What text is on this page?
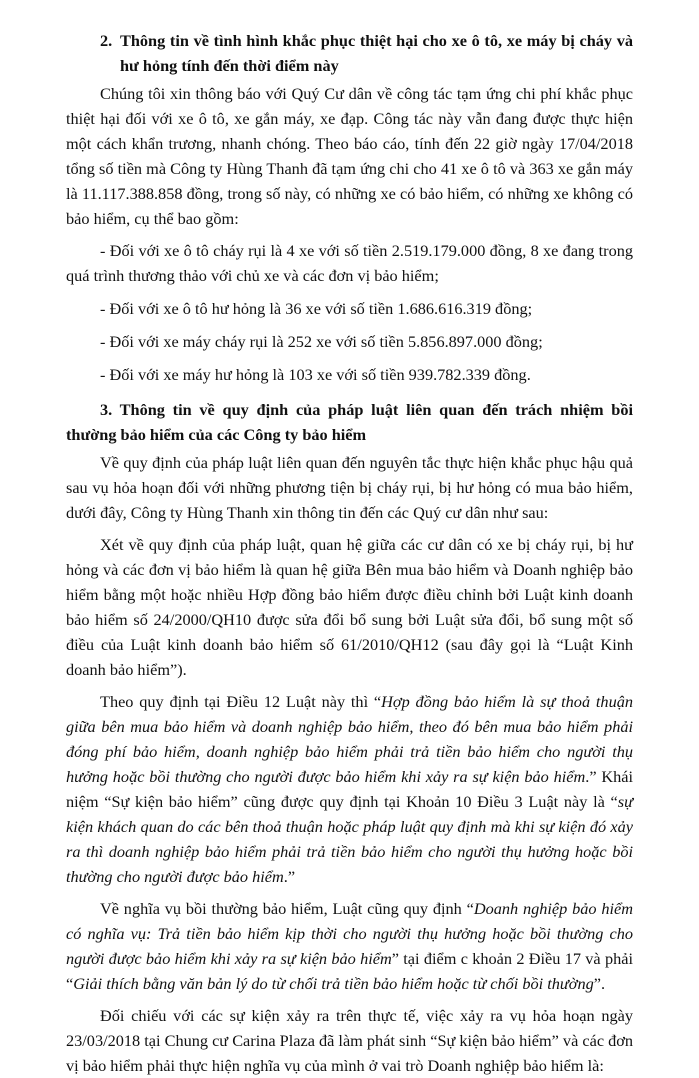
2. Thông tin về tình hình khắc phục thiệt hại cho xe ô tô, xe máy bị cháy và hư hỏng tính đến thời điểm này

Chúng tôi xin thông báo với Quý Cư dân về công tác tạm ứng chi phí khắc phục thiệt hại đối với xe ô tô, xe gắn máy, xe đạp. Công tác này vẫn đang được thực hiện một cách khẩn trương, nhanh chóng. Theo báo cáo, tính đến 22 giờ ngày 17/04/2018 tổng số tiền mà Công ty Hùng Thanh đã tạm ứng chi cho 41 xe ô tô và 363 xe gắn máy là 11.117.388.858 đồng, trong số này, có những xe có bảo hiểm, có những xe không có bảo hiểm, cụ thể bao gồm:

- Đối với xe ô tô cháy rụi là 4 xe với số tiền 2.519.179.000 đồng, 8 xe đang trong quá trình thương thảo với chủ xe và các đơn vị bảo hiểm;

- Đối với xe ô tô hư hỏng là 36 xe với số tiền 1.686.616.319 đồng;

- Đối với xe máy cháy rụi là 252 xe với số tiền 5.856.897.000 đồng;

- Đối với xe máy hư hỏng là 103 xe với số tiền 939.782.339 đồng.

3. Thông tin về quy định của pháp luật liên quan đến trách nhiệm bồi thường bảo hiểm của các Công ty bảo hiểm

Về quy định của pháp luật liên quan đến nguyên tắc thực hiện khắc phục hậu quả sau vụ hỏa hoạn đối với những phương tiện bị cháy rụi, bị hư hỏng có mua bảo hiểm, dưới đây, Công ty Hùng Thanh xin thông tin đến các Quý cư dân như sau:

Xét về quy định của pháp luật, quan hệ giữa các cư dân có xe bị cháy rụi, bị hư hỏng và các đơn vị bảo hiểm là quan hệ giữa Bên mua bảo hiểm và Doanh nghiệp bảo hiểm bằng một hoặc nhiều Hợp đồng bảo hiểm được điều chỉnh bởi Luật kinh doanh bảo hiểm số 24/2000/QH10 được sửa đổi bổ sung bởi Luật sửa đổi, bổ sung một số điều của Luật kinh doanh bảo hiểm số 61/2010/QH12 (sau đây gọi là “Luật Kinh doanh bảo hiểm”).

Theo quy định tại Điều 12 Luật này thì “Hợp đồng bảo hiểm là sự thoả thuận giữa bên mua bảo hiểm và doanh nghiệp bảo hiểm, theo đó bên mua bảo hiểm phải đóng phí bảo hiểm, doanh nghiệp bảo hiểm phải trả tiền bảo hiểm cho người thụ hưởng hoặc bồi thường cho người được bảo hiểm khi xảy ra sự kiện bảo hiểm.” Khái niệm “Sự kiện bảo hiểm” cũng được quy định tại Khoản 10 Điều 3 Luật này là “sự kiện khách quan do các bên thoả thuận hoặc pháp luật quy định mà khi sự kiện đó xảy ra thì doanh nghiệp bảo hiểm phải trả tiền bảo hiểm cho người thụ hưởng hoặc bồi thường cho người được bảo hiểm.”

Về nghĩa vụ bồi thường bảo hiểm, Luật cũng quy định “Doanh nghiệp bảo hiểm có nghĩa vụ: Trả tiền bảo hiểm kịp thời cho người thụ hưởng hoặc bồi thường cho người được bảo hiểm khi xảy ra sự kiện bảo hiểm” tại điểm c khoản 2 Điều 17 và phải “Giải thích bằng văn bản lý do từ chối trả tiền bảo hiểm hoặc từ chối bồi thường”.

Đối chiếu với các sự kiện xảy ra trên thực tế, việc xảy ra vụ hỏa hoạn ngày 23/03/2018 tại Chung cư Carina Plaza đã làm phát sinh “Sự kiện bảo hiểm” và các đơn vị bảo hiểm phải thực hiện nghĩa vụ của mình ở vai trò Doanh nghiệp bảo hiểm là:
